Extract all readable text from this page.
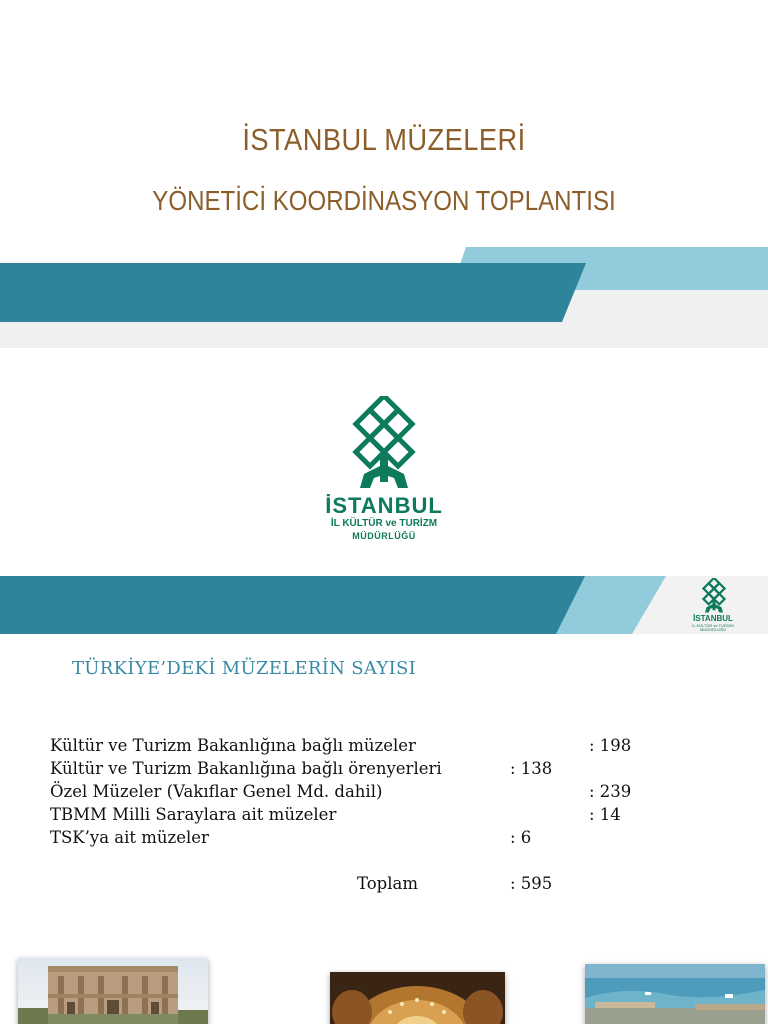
İSTANBUL MÜZELERİ
YÖNETİCİ KOORDİNASYON TOPLANTISI
İSTANBUL
İL KÜLTÜR ve TURİZM
MÜDÜRLÜĞÜ
İSTANBUL
İL KÜLTÜR ve TURİZM
MÜDÜRLÜĞÜ
TÜRKİYE’DEKİ MÜZELERİN SAYISI
Kültür ve Turizm Bakanlığına bağlı müzeler	: 198
Kültür ve Turizm Bakanlığına bağlı örenyerleri	: 138
Özel Müzeler (Vakıflar Genel Md. dahil)	: 239
TBMM Milli Saraylara ait müzeler	: 14
TSK’ya ait müzeler	: 6
Toplam	: 595
